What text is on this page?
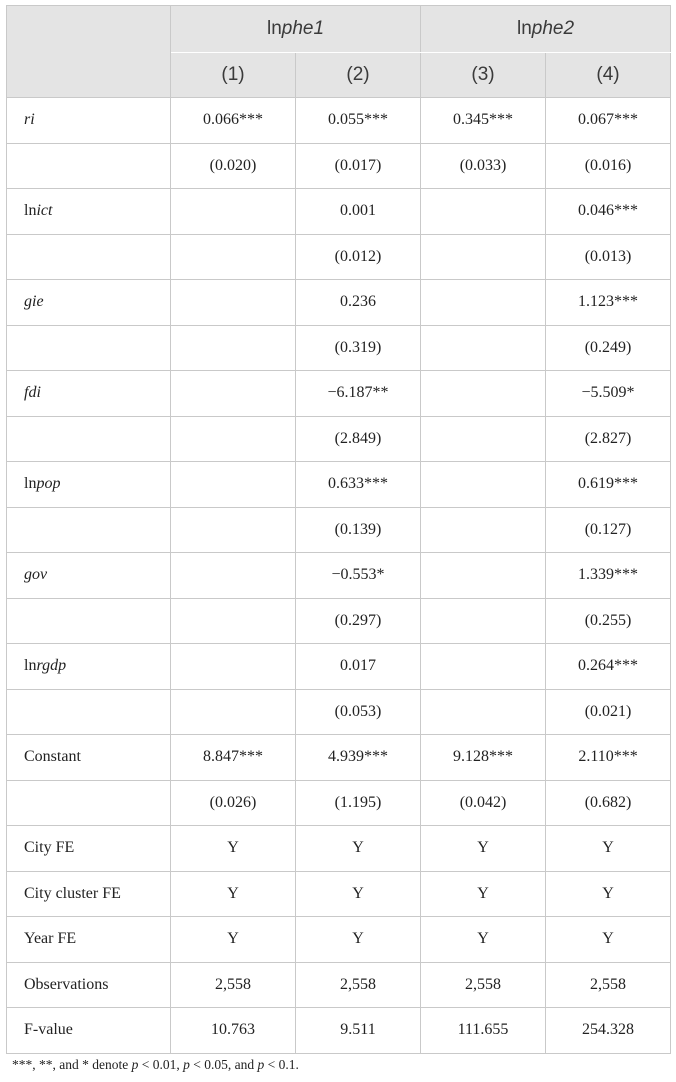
	lnphe1		lnphe2	
	(1)	(2)	(3)	(4)
ri	0.066***	0.055***	0.345***	0.067***
	(0.020)	(0.017)	(0.033)	(0.016)
lnict		0.001		0.046***
		(0.012)		(0.013)
gie		0.236		1.123***
		(0.319)		(0.249)
fdi		−6.187**		−5.509*
		(2.849)		(2.827)
lnpop		0.633***		0.619***
		(0.139)		(0.127)
gov		−0.553*		1.339***
		(0.297)		(0.255)
lnrgdp		0.017		0.264***
		(0.053)		(0.021)
Constant	8.847***	4.939***	9.128***	2.110***
	(0.026)	(1.195)	(0.042)	(0.682)
City FE	Y	Y	Y	Y
City cluster FE	Y	Y	Y	Y
Year FE	Y	Y	Y	Y
Observations	2,558	2,558	2,558	2,558
F-value	10.763	9.511	111.655	254.328
***, **, and * denote p < 0.01, p < 0.05, and p < 0.1.
